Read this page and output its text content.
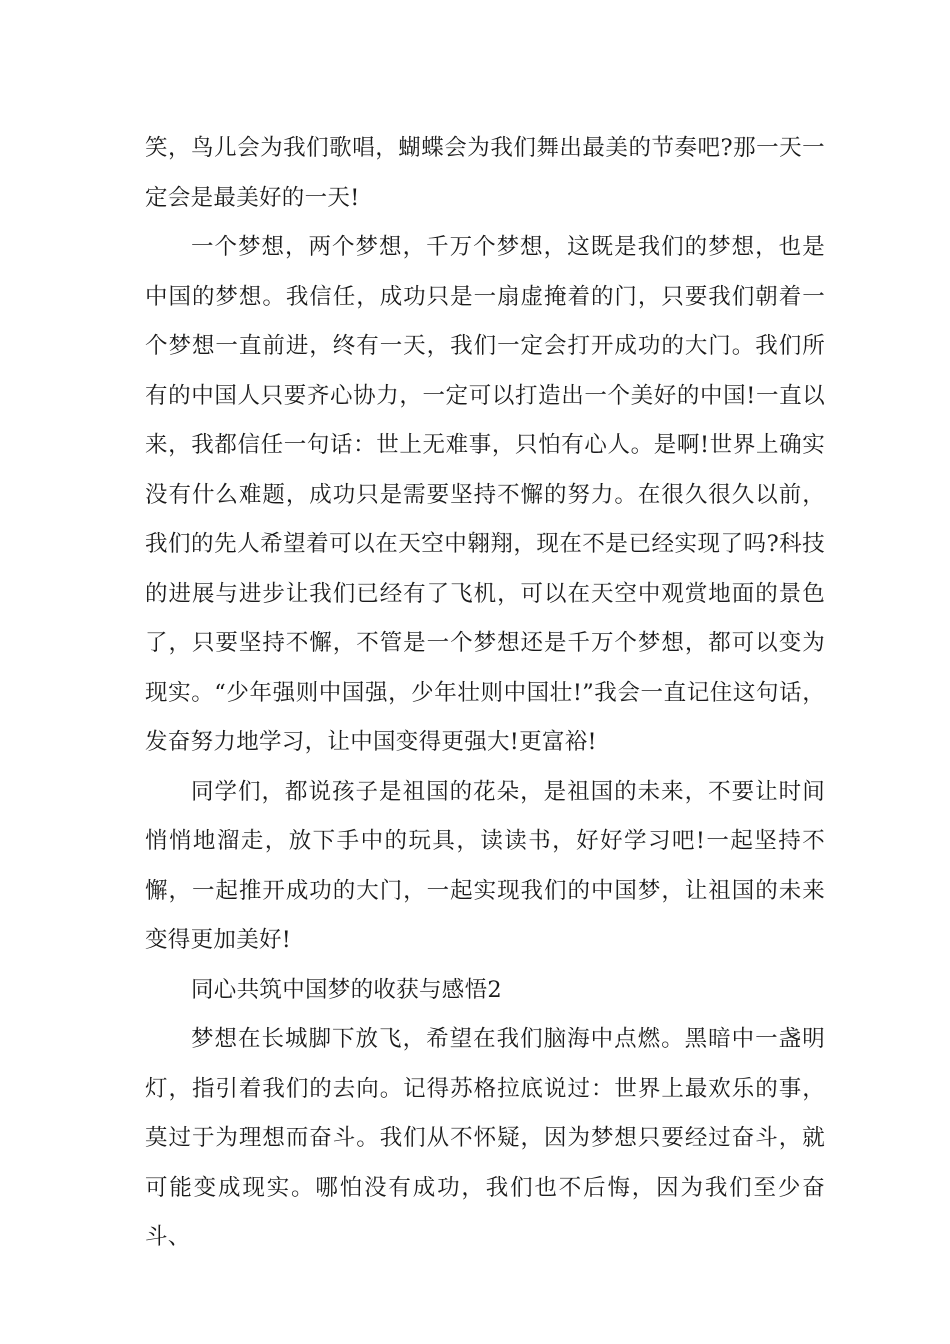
笑，鸟儿会为我们歌唱，蝴蝶会为我们舞出最美的节奏吧?那一天一定会是最美好的一天!

一个梦想，两个梦想，千万个梦想，这既是我们的梦想，也是中国的梦想。我信任，成功只是一扇虚掩着的门，只要我们朝着一个梦想一直前进，终有一天，我们一定会打开成功的大门。我们所有的中国人只要齐心协力，一定可以打造出一个美好的中国!一直以来，我都信任一句话：世上无难事，只怕有心人。是啊!世界上确实没有什么难题，成功只是需要坚持不懈的努力。在很久很久以前，我们的先人希望着可以在天空中翱翔，现在不是已经实现了吗?科技的进展与进步让我们已经有了飞机，可以在天空中观赏地面的景色了，只要坚持不懈，不管是一个梦想还是千万个梦想，都可以变为现实。“少年强则中国强，少年壮则中国壮!”我会一直记住这句话，发奋努力地学习，让中国变得更强大!更富裕!

同学们，都说孩子是祖国的花朵，是祖国的未来，不要让时间悄悄地溜走，放下手中的玩具，读读书，好好学习吧!一起坚持不懈，一起推开成功的大门，一起实现我们的中国梦，让祖国的未来变得更加美好!

同心共筑中国梦的收获与感悟2

梦想在长城脚下放飞，希望在我们脑海中点燃。黑暗中一盏明灯，指引着我们的去向。记得苏格拉底说过：世界上最欢乐的事，莫过于为理想而奋斗。我们从不怀疑，因为梦想只要经过奋斗，就可能变成现实。哪怕没有成功，我们也不后悔，因为我们至少奋斗、
